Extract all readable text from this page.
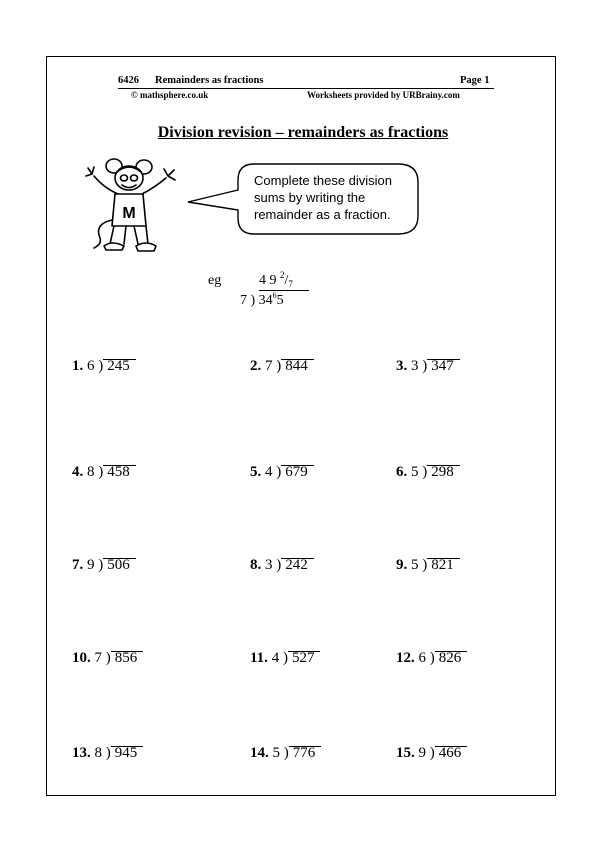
6426 Remainders as fractions	Page 1
© mathsphere.co.uk	Worksheets provided by URBrainy.com
Division revision – remainders as fractions
M
Complete these division sums by writing the remainder as a fraction.
eg	4 9 $^2/_7$
7 ) $34^65$
1. 6 ) 245	2. 7 ) 844	3. 3 ) 347
4. 8 ) 458	5. 4 ) 679	6. 5 ) 298
7. 9 ) 506	8. 3 ) 242	9. 5 ) 821
10. 7 ) 856	11. 4 ) 527	12. 6 ) 826
13. 8 ) 945	14. 5 ) 776	15. 9 ) 466
